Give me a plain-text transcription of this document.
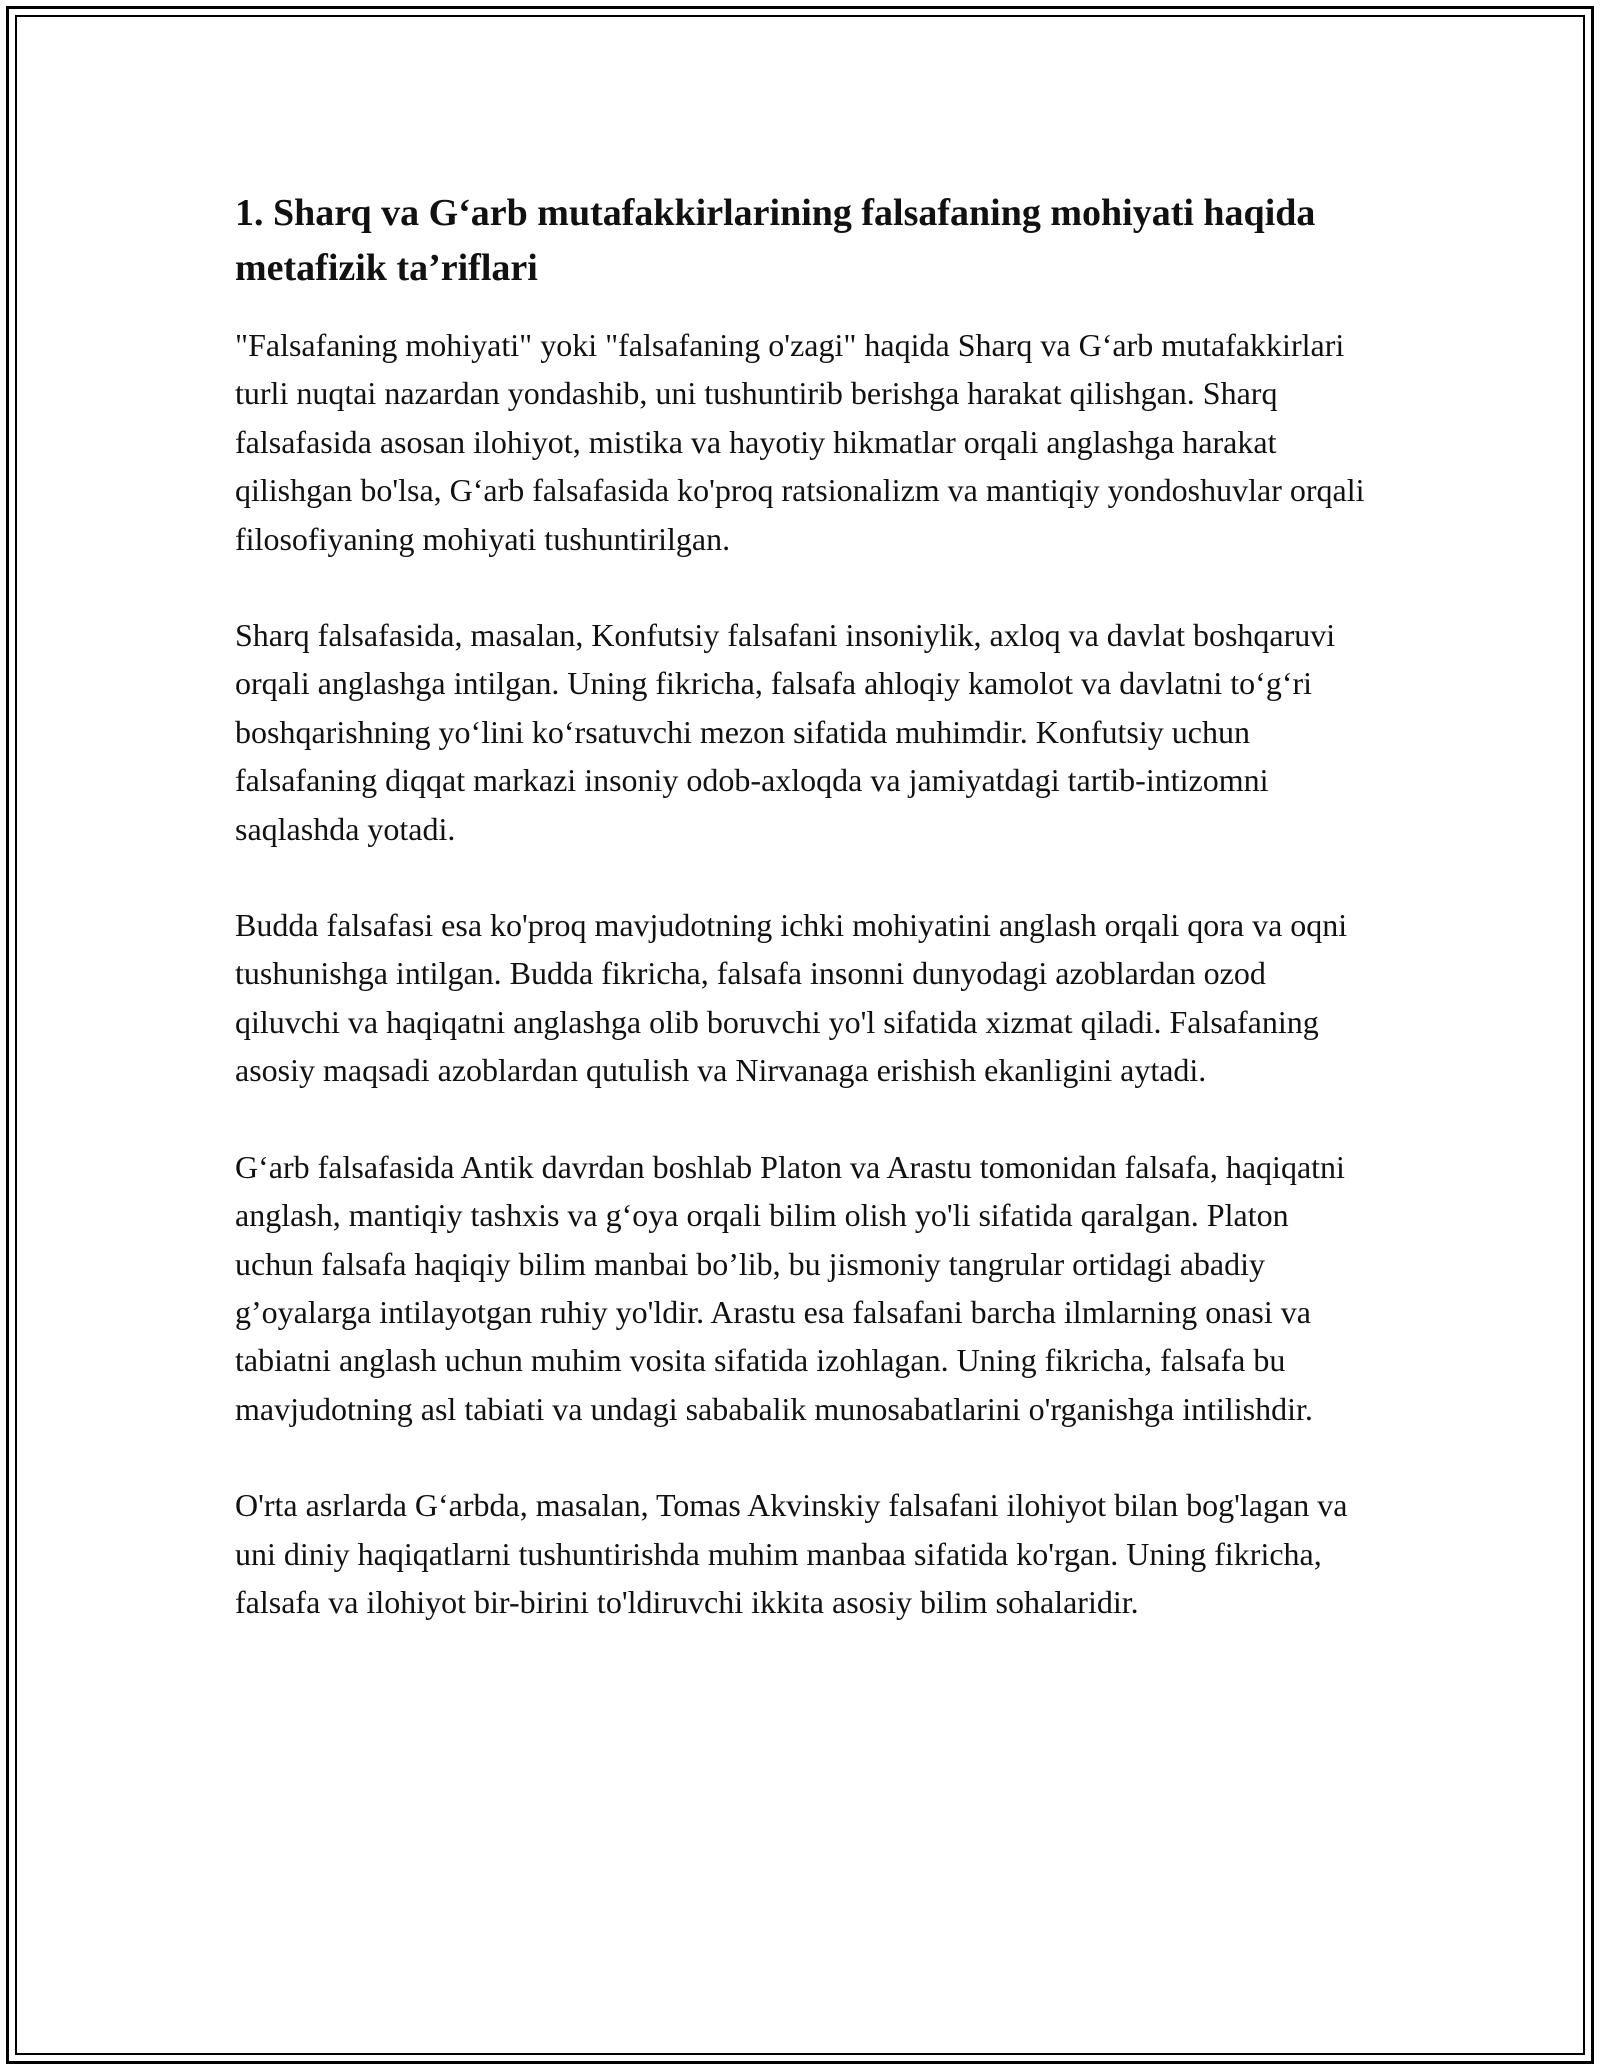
1. Sharq va G‘arb mutafakkirlarining falsafaning mohiyati haqida metafizik ta’riflari

"Falsafaning mohiyati" yoki "falsafaning o'zagi" haqida Sharq va G‘arb mutafakkirlari turli nuqtai nazardan yondashib, uni tushuntirib berishga harakat qilishgan. Sharq falsafasida asosan ilohiyot, mistika va hayotiy hikmatlar orqali anglashga harakat qilishgan bo'lsa, G‘arb falsafasida ko'proq ratsionalizm va mantiqiy yondoshuvlar orqali filosofiyaning mohiyati tushuntirilgan.

Sharq falsafasida, masalan, Konfutsiy falsafani insoniylik, axloq va davlat boshqaruvi orqali anglashga intilgan. Uning fikricha, falsafa ahloqiy kamolot va davlatni to‘g‘ri boshqarishning yo‘lini ko‘rsatuvchi mezon sifatida muhimdir. Konfutsiy uchun falsafaning diqqat markazi insoniy odob-axloqda va jamiyatdagi tartib-intizomni saqlashda yotadi.

Budda falsafasi esa ko'proq mavjudotning ichki mohiyatini anglash orqali qora va oqni tushunishga intilgan. Budda fikricha, falsafa insonni dunyodagi azoblardan ozod qiluvchi va haqiqatni anglashga olib boruvchi yo'l sifatida xizmat qiladi. Falsafaning asosiy maqsadi azoblardan qutulish va Nirvanaga erishish ekanligini aytadi.

G‘arb falsafasida Antik davrdan boshlab Platon va Arastu tomonidan falsafa, haqiqatni anglash, mantiqiy tashxis va g‘oya orqali bilim olish yo'li sifatida qaralgan. Platon uchun falsafa haqiqiy bilim manbai bo’lib, bu jismoniy tangrular ortidagi abadiy g’oyalarga intilayotgan ruhiy yo'ldir. Arastu esa falsafani barcha ilmlarning onasi va tabiatni anglash uchun muhim vosita sifatida izohlagan. Uning fikricha, falsafa bu mavjudotning asl tabiati va undagi sababalik munosabatlarini o'rganishga intilishdir.

O'rta asrlarda G‘arbda, masalan, Tomas Akvinskiy falsafani ilohiyot bilan bog'lagan va uni diniy haqiqatlarni tushuntirishda muhim manbaa sifatida ko'rgan. Uning fikricha, falsafa va ilohiyot bir-birini to'ldiruvchi ikkita asosiy bilim sohalaridir.
